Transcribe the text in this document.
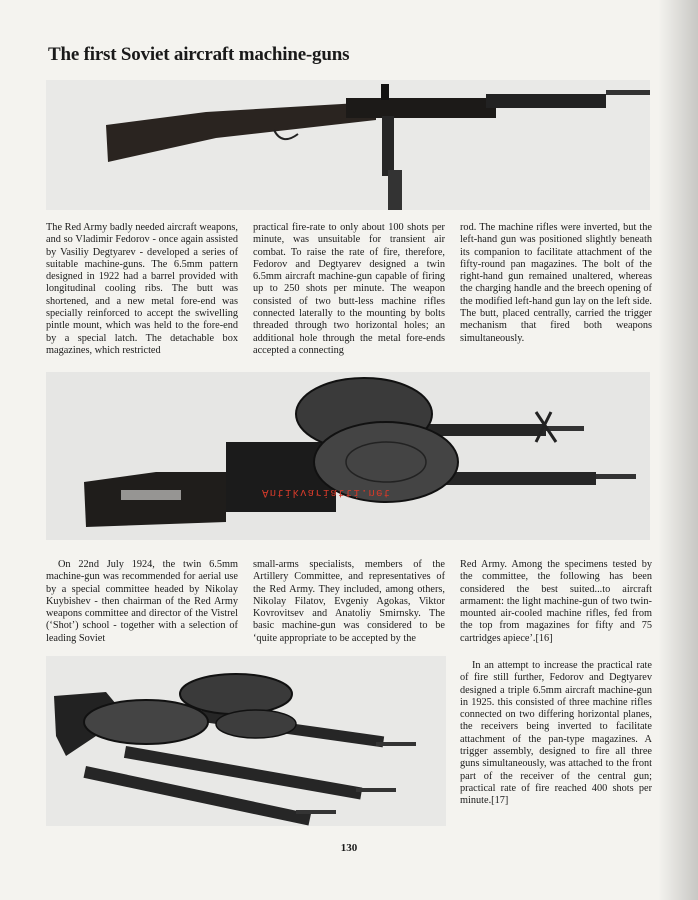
The first Soviet aircraft machine-guns

The Red Army badly needed aircraft weapons, and so Vladimir Fedorov - once again assisted by Vasiliy Degtyarev - developed a series of suitable machine-guns. The 6.5mm pattern designed in 1922 had a barrel provided with longitudinal cooling ribs. The butt was shortened, and a new metal fore-end was specially reinforced to accept the swivelling pintle mount, which was held to the fore-end by a special latch. The detachable box magazines, which restricted

practical fire-rate to only about 100 shots per minute, was unsuitable for transient air combat. To raise the rate of fire, therefore, Fedorov and Degtyarev designed a twin 6.5mm aircraft machine-gun capable of firing up to 250 shots per minute. The weapon consisted of two butt-less machine rifles connected laterally to the mounting by bolts threaded through two horizontal holes; an additional hole through the metal fore-ends accepted a connecting

rod. The machine rifles were inverted, but the left-hand gun was positioned slightly beneath its companion to facilitate attachment of the fifty-round pan magazines. The bolt of the right-hand gun remained unaltered, whereas the charging handle and the breech opening of the modified left-hand gun lay on the left side. The butt, placed centrally, carried the trigger mechanism that fired both weapons simultaneously.

Antikvariatti.net

On 22nd July 1924, the twin 6.5mm machine-gun was recommended for aerial use by a special committee headed by Nikolay Kuybishev - then chairman of the Red Army weapons committee and director of the Vistrel (‘Shot’) school - together with a selection of leading Soviet

small-arms specialists, members of the Artillery Committee, and representatives of the Red Army. They included, among others, Nikolay Filatov, Evgeniy Agokas, Viktor Kovrovitsev and Anatoliy Smirnsky. The basic machine-gun was considered to be ‘quite appropriate to be accepted by the

Red Army. Among the specimens tested by the committee, the following has been considered the best suited...to aircraft armament: the light machine-gun of two twin-mounted air-cooled machine rifles, fed from the top from magazines for fifty and 75 cartridges apiece’.[16]

In an attempt to increase the practical rate of fire still further, Fedorov and Degtyarev designed a triple 6.5mm aircraft machine-gun in 1925. this consisted of three machine rifles connected on two differing horizontal planes, the receivers being inverted to facilitate attachment of the pan-type magazines. A trigger assembly, designed to fire all three guns simultaneously, was attached to the front part of the receiver of the central gun; practical rate of fire reached 400 shots per minute.[17]

130
